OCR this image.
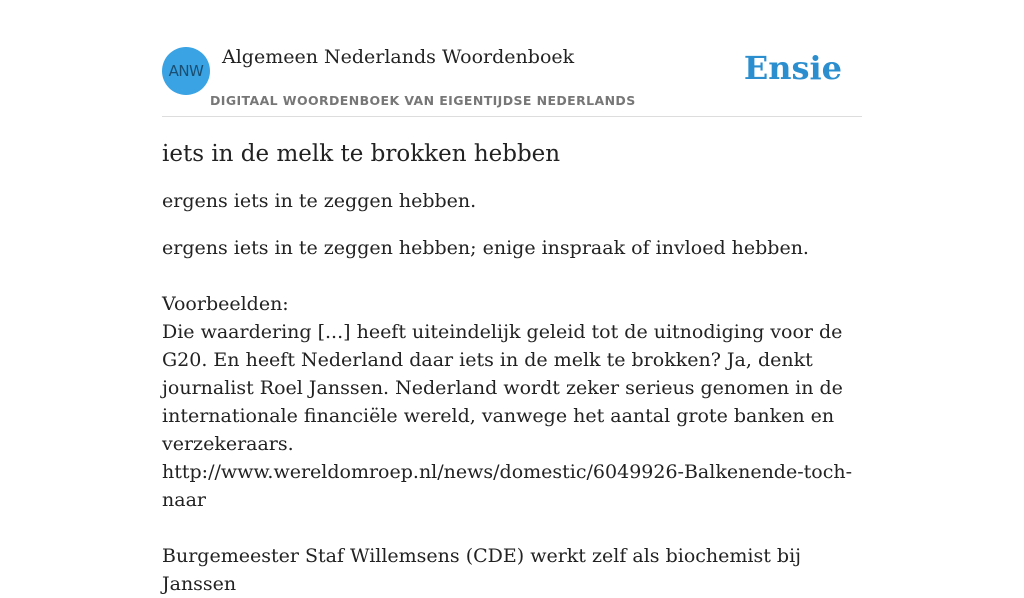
ANW
Algemeen Nederlands Woordenboek
DIGITAAL WOORDENBOEK VAN EIGENTIJDSE NEDERLANDS
Ensie
iets in de melk te brokken hebben

ergens iets in te zeggen hebben.

ergens iets in te zeggen hebben; enige inspraak of invloed hebben.

Voorbeelden:

Die waardering [...] heeft uiteindelijk geleid tot de uitnodiging voor de G20. En heeft Nederland daar iets in de melk te brokken? Ja, denkt journalist Roel Janssen. Nederland wordt zeker serieus genomen in de internationale financiële wereld, vanwege het aantal grote banken en verzekeraars.

http://www.wereldomroep.nl/news/domestic/6049926-Balkenende-toch-naar

Burgemeester Staf Willemsens (CDE) werkt zelf als biochemist bij Janssen
